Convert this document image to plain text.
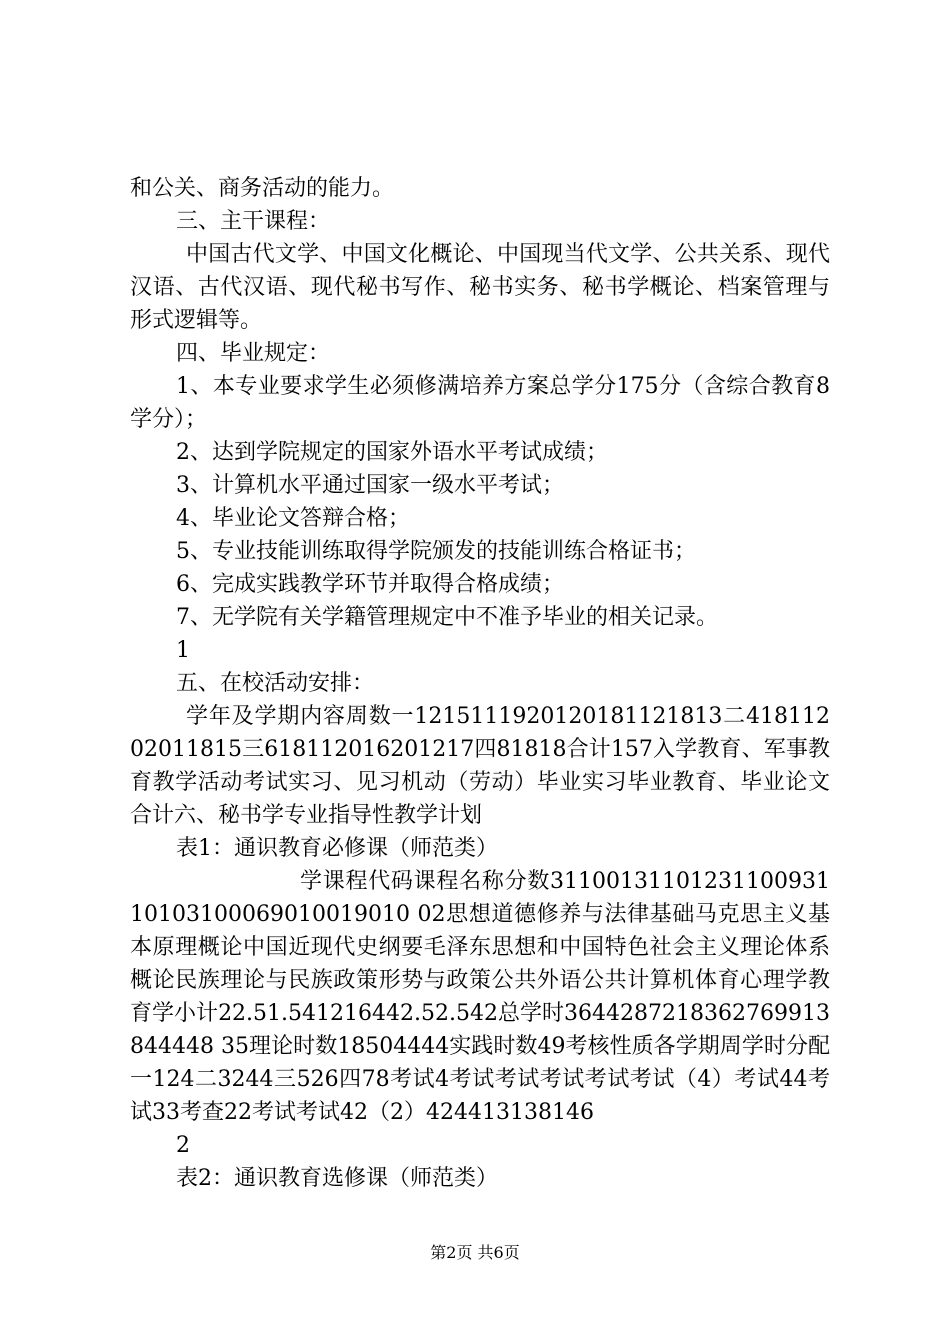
和公关、商务活动的能力。

三、主干课程：

中国古代文学、中国文化概论、中国现当代文学、公共关系、现代汉语、古代汉语、现代秘书写作、秘书实务、秘书学概论、档案管理与形式逻辑等。

四、毕业规定：

1、本专业要求学生必须修满培养方案总学分175分（含综合教育8学分）；

2、达到学院规定的国家外语水平考试成绩；

3、计算机水平通过国家一级水平考试；

4、毕业论文答辩合格；

5、专业技能训练取得学院颁发的技能训练合格证书；

6、完成实践教学环节并取得合格成绩；

7、无学院有关学籍管理规定中不准予毕业的相关记录。

1

五、在校活动安排：

学年及学期内容周数一1215111920120181121813二41811202011815三618112016201217四81818合计157入学教育、军事教育教学活动考试实习、见习机动（劳动）毕业实习毕业教育、毕业论文合计六、秘书学专业指导性教学计划

表1：通识教育必修课（师范类）

学课程代码课程名称分数3110013110123110093110103100069010019010 02思想道德修养与法律基础马克思主义基本原理概论中国近现代史纲要毛泽东思想和中国特色社会主义理论体系概论民族理论与民族政策形势与政策公共外语公共计算机体育心理学教育学小计22.51.541216442.52.542总学时3644287218362769913844448 35理论时数18504444实践时数49考核性质各学期周学时分配一124二3244三526四78考试4考试考试考试考试考试（4）考试44考试33考查22考试考试42（2）424413138146

2

表2：通识教育选修课（师范类）

第2页 共6页
